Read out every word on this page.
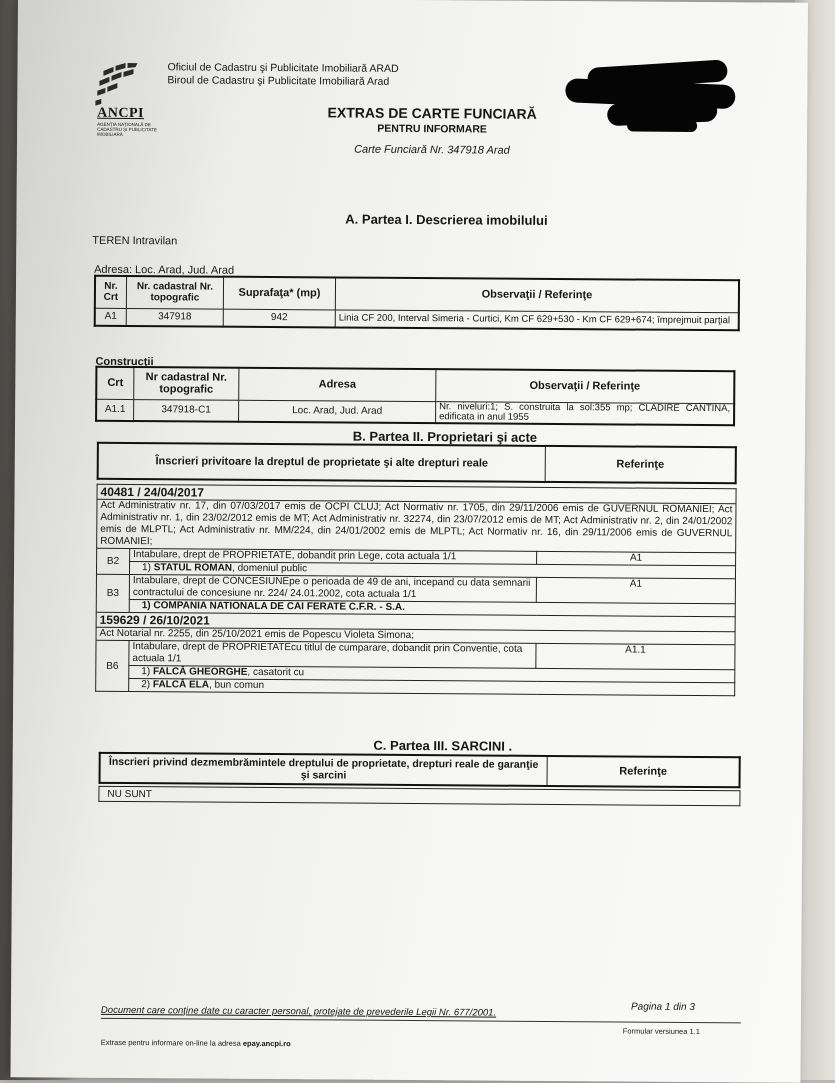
ANCPI
AGENȚIA NAȚIONALĂ DE CADASTRU ȘI PUBLICITATE IMOBILIARĂ
Oficiul de Cadastru şi Publicitate Imobiliară ARAD
Biroul de Cadastru şi Publicitate Imobiliară Arad
EXTRAS DE CARTE FUNCIARĂ
PENTRU INFORMARE
Carte Funciară Nr. 347918 Arad
A. Partea I. Descrierea imobilului
TEREN Intravilan
Adresa: Loc. Arad, Jud. Arad
Nr. Crt	Nr. cadastral Nr. topografic	Suprafaţa* (mp)	Observaţii / Referinţe
A1	347918	942	Linia CF 200, Interval Simeria - Curtici, Km CF 629+530 - Km CF 629+674; împrejmuit parţial
Construcţii
Crt	Nr cadastral Nr. topografic	Adresa	Observaţii / Referinţe
A1.1	347918-C1	Loc. Arad, Jud. Arad	Nr. niveluri:1; S. construita la sol:355 mp; CLADIRE CANTINA, edificata in anul 1955
B. Partea II. Proprietari şi acte
Înscrieri privitoare la dreptul de proprietate şi alte drepturi reale	Referinţe
40481 / 24/04/2017		
Act Administrativ nr. 17, din 07/03/2017 emis de OCPI CLUJ; Act Normativ nr. 1705, din 29/11/2006 emis de GUVERNUL ROMANIEI; Act Administrativ nr. 1, din 23/02/2012 emis de MT; Act Administrativ nr. 32274, din 23/07/2012 emis de MT; Act Administrativ nr. 2, din 24/01/2002 emis de MLPTL; Act Administrativ nr. MM/224, din 24/01/2002 emis de MLPTL; Act Normativ nr. 16, din 29/11/2006 emis de GUVERNUL ROMANIEI;		
B2	Intabulare, drept de PROPRIETATE, dobandit prin Lege, cota actuala 1/1	A1
	1) STATUL ROMAN, domeniul public	
B3	Intabulare, drept de CONCESIUNEpe o perioada de 49 de ani, incepand cu data semnarii contractului de concesiune nr. 224/ 24.01.2002, cota actuala 1/1	A1
	1) COMPANIA NATIONALA DE CAI FERATE C.F.R. - S.A.	
159629 / 26/10/2021		
Act Notarial nr. 2255, din 25/10/2021 emis de Popescu Violeta Simona;		
B6	Intabulare, drept de PROPRIETATEcu titlul de cumparare, dobandit prin Conventie, cota actuala 1/1	A1.1
	1) FALCĂ GHEORGHE, casatorit cu	
	2) FALCĂ ELA, bun comun	
C. Partea III. SARCINI .
Înscrieri privind dezmembrămintele dreptului de proprietate, drepturi reale de garanţie şi sarcini	Referinţe
NU SUNT
Pagina 1 din 3
Document care conţine date cu caracter personal, protejate de prevederile Legii Nr. 677/2001.
Formular versiunea 1.1
Extrase pentru informare on-line la adresa epay.ancpi.ro
